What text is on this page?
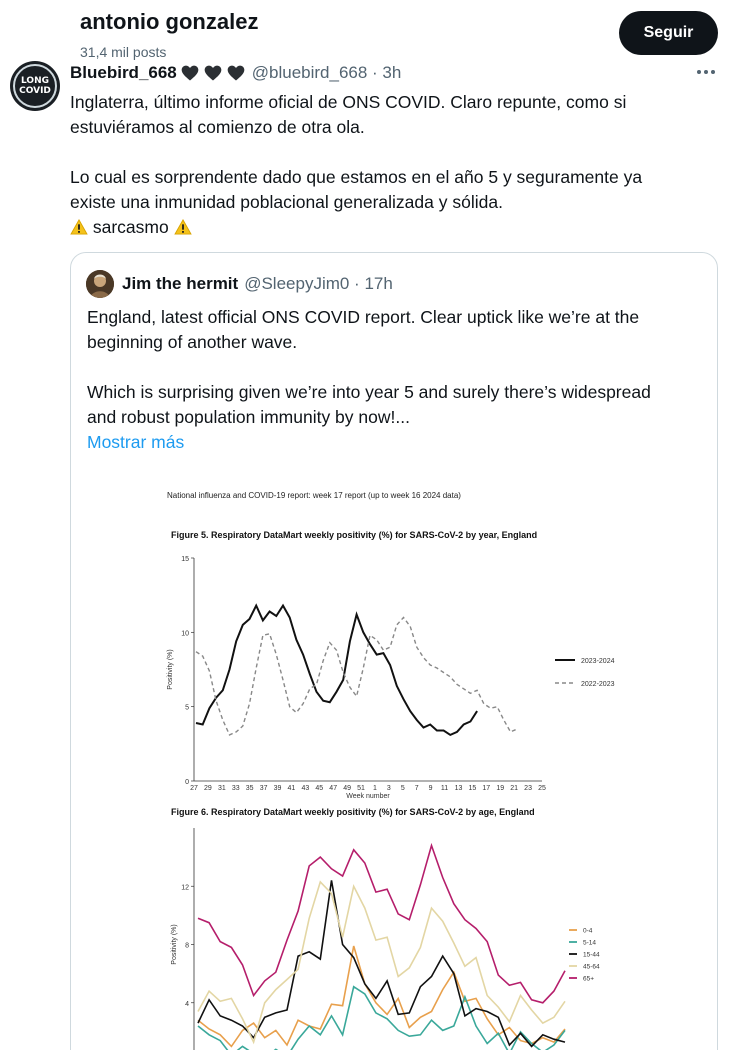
antonio gonzalez
31,4 mil posts
Seguir
LONG
COVID
Bluebird_668	@bluebird_668 · 3h

Inglaterra, último informe oficial de ONS COVID. Claro repunte, como si

estuviéramos al comienzo de otra ola.

Lo cual es sorprendente dado que estamos en el año 5 y seguramente ya

existe una inmunidad poblacional generalizada y sólida.

sarcasmo

Jim the hermit @SleepyJim0 · 17h

England, latest official ONS COVID report. Clear uptick like we’re at the

beginning of another wave.

Which is surprising given we’re into year 5 and surely there’s widespread

and robust population immunity by now!...

Mostrar más

National influenza and COVID-19 report: week 17 report (up to week 16 2024 data)
Figure 5. Respiratory DataMart weekly positivity (%) for SARS-CoV-2 by year, England
Figure 6. Respiratory DataMart weekly positivity (%) for SARS-CoV-2 by age, England
0
5
10
15
27 29 31 33 35 37 39 41 43 45 47 49 51 1 3 5 7 9 11 13 15 17 19 21 23 25
Week number
Positivity (%)	2023-2024
2022-2023
4
8
12
Positivity (%)	0-4
5-14
15-44
45-64
65+
